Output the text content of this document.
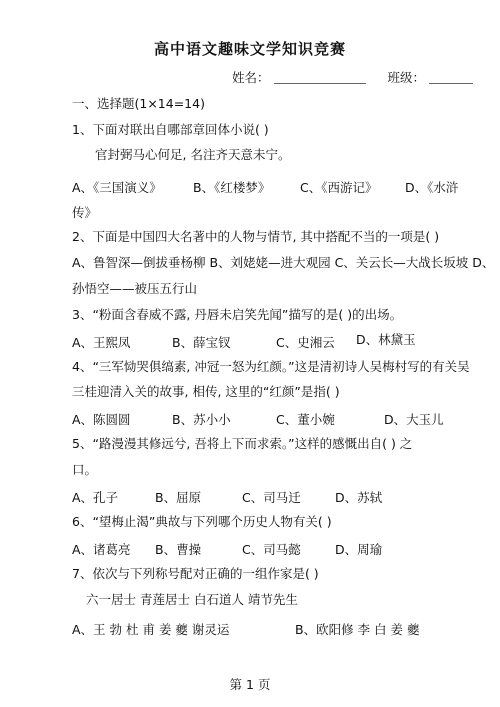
高中语文趣味文学知识竞赛
姓名：	班级：
一、选择题(1×14=14)
1、下面对联出自哪部章回体小说( )
官封弼马心何足, 名注齐天意未宁。
A、《三国演义》 B、《红楼梦》 C、《西游记》 D、《水浒
传》
2、下面是中国四大名著中的人物与情节, 其中搭配不当的一项是( )
A、鲁智深—倒拔垂杨柳 B、刘姥姥—进大观园 C、关云长—大战长坂坡 D、
孙悟空——被压五行山
3、“粉面含春威不露, 丹唇未启笑先闻”描写的是( )的出场。
A、王熙凤	B、薛宝钗	C、史湘云 D、林黛玉
4、“三军恸哭俱缟素, 冲冠一怒为红颜。”这是清初诗人吴梅村写的有关吴
三桂迎清入关的故事, 相传, 这里的“红颜”是指( )
A、陈圆圆	B、苏小小	C、董小婉	D、大玉儿
5、“路漫漫其修远兮, 吾将上下而求索。”这样的感慨出自( ) 之
口。
A、孔子	B、屈原	C、司马迁	D、苏轼
6、“望梅止渴”典故与下列哪个历史人物有关( )
A、诸葛亮 B、曹操	C、司马懿	D、周瑜
7、依次与下列称号配对正确的一组作家是( )
六一居士 青莲居士 白石道人 靖节先生
A、王 勃 杜 甫 姜 夔 谢灵运	B、欧阳修 李 白 姜 夔
第 1 页
